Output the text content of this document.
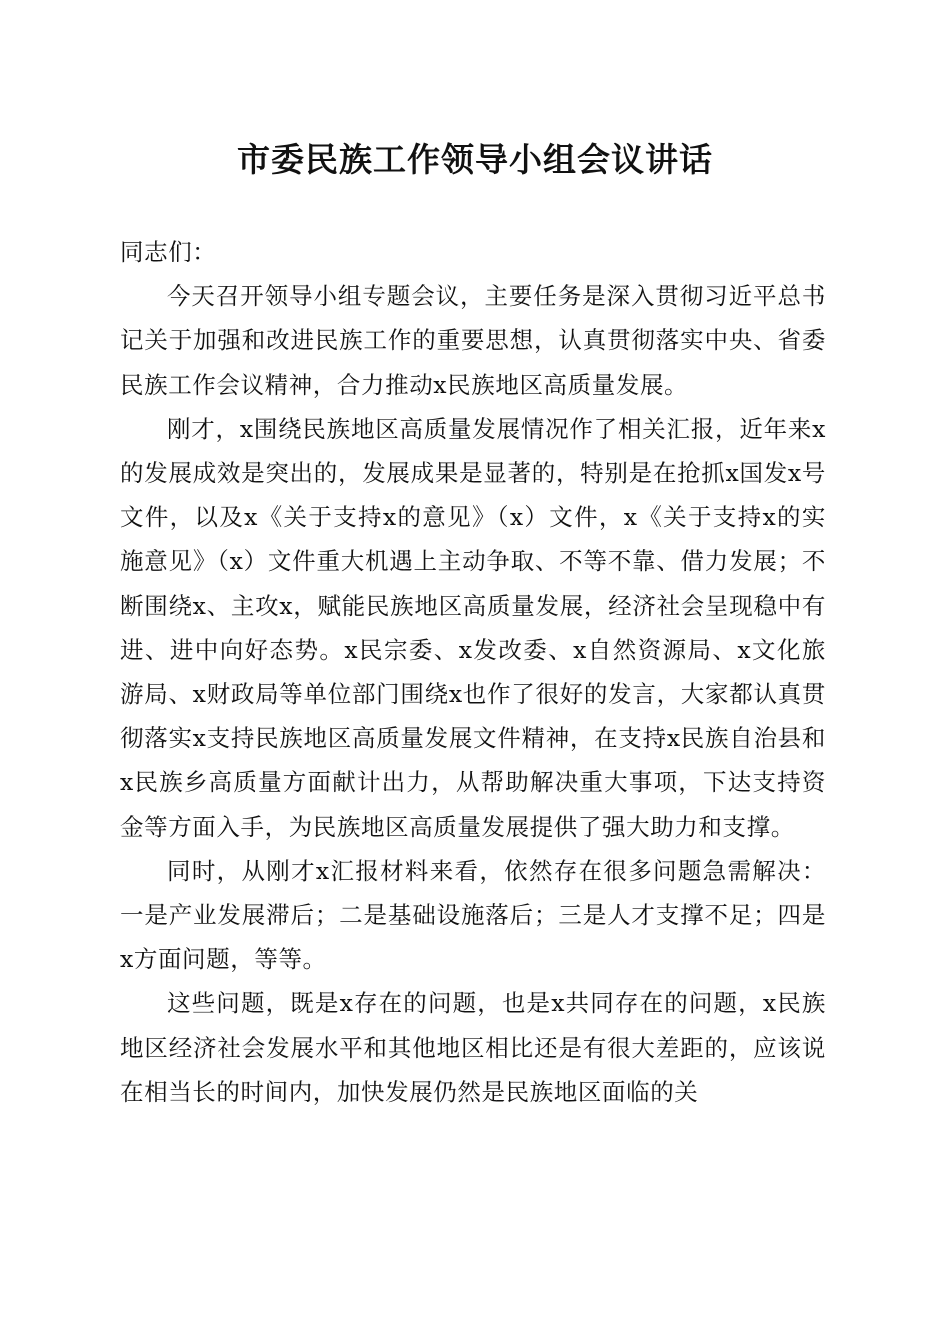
市委民族工作领导小组会议讲话

同志们：

今天召开领导小组专题会议，主要任务是深入贯彻习近平总书记关于加强和改进民族工作的重要思想，认真贯彻落实中央、省委民族工作会议精神，合力推动x民族地区高质量发展。

刚才，x围绕民族地区高质量发展情况作了相关汇报，近年来x的发展成效是突出的，发展成果是显著的，特别是在抢抓x国发x号文件，以及x《关于支持x的意见》（x）文件，x《关于支持x的实施意见》（x）文件重大机遇上主动争取、不等不靠、借力发展；不断围绕x、主攻x，赋能民族地区高质量发展，经济社会呈现稳中有进、进中向好态势。x民宗委、x发改委、x自然资源局、x文化旅游局、x财政局等单位部门围绕x也作了很好的发言，大家都认真贯彻落实x支持民族地区高质量发展文件精神，在支持x民族自治县和x民族乡高质量方面献计出力，从帮助解决重大事项，下达支持资金等方面入手，为民族地区高质量发展提供了强大助力和支撑。

同时，从刚才x汇报材料来看，依然存在很多问题急需解决：一是产业发展滞后；二是基础设施落后；三是人才支撑不足；四是x方面问题，等等。

这些问题，既是x存在的问题，也是x共同存在的问题，x民族地区经济社会发展水平和其他地区相比还是有很大差距的，应该说在相当长的时间内，加快发展仍然是民族地区面临的关
